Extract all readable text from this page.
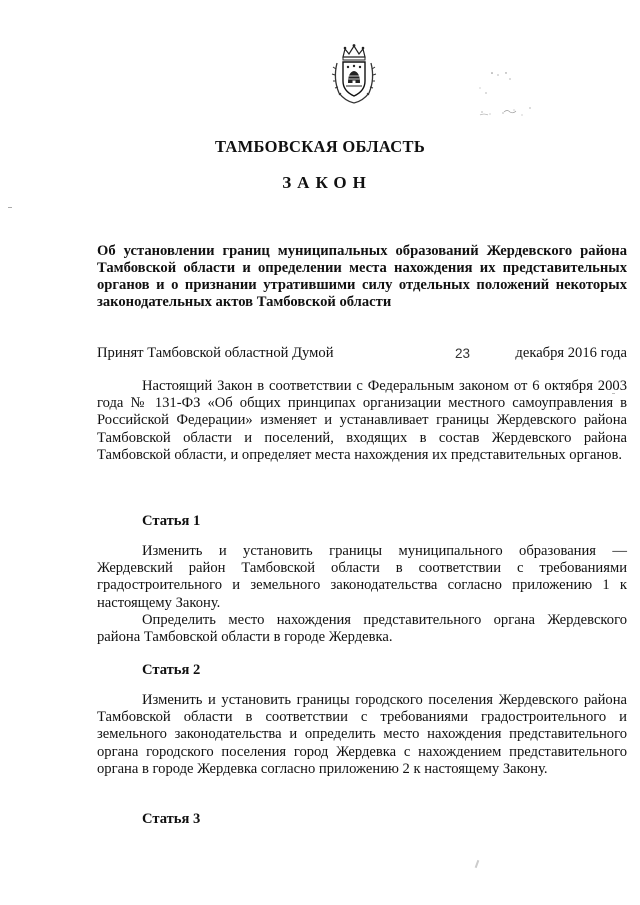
ТАМБОВСКАЯ ОБЛАСТЬ
ЗАКОН
Об установлении границ муниципальных образований Жердевского района Тамбовской области и определении места нахождения их представительных органов и о признании утратившими силу отдельных положений некоторых законодательных актов Тамбовской области
Принят Тамбовской областной Думой	23	декабря 2016 года

Настоящий Закон в соответствии с Федеральным законом от 6 октября 2003 года № 131-ФЗ «Об общих принципах организации местного самоуправления в Российской Федерации» изменяет и устанавливает границы Жердевского района Тамбовской области и поселений, входящих в состав Жердевского района Тамбовской области, и определяет места нахождения их представительных органов.

Статья 1

Изменить и установить границы муниципального образования — Жердевский район Тамбовской области в соответствии с требованиями градостроительного и земельного законодательства согласно приложению 1 к настоящему Закону.

Определить место нахождения представительного органа Жердевского района Тамбовской области в городе Жердевка.

Статья 2

Изменить и установить границы городского поселения Жердевского района Тамбовской области в соответствии с требованиями градостроительного и земельного законодательства и определить место нахождения представительного органа городского поселения город Жердевка с нахождением представительного органа в городе Жердевка согласно приложению 2 к настоящему Закону.

Статья 3
